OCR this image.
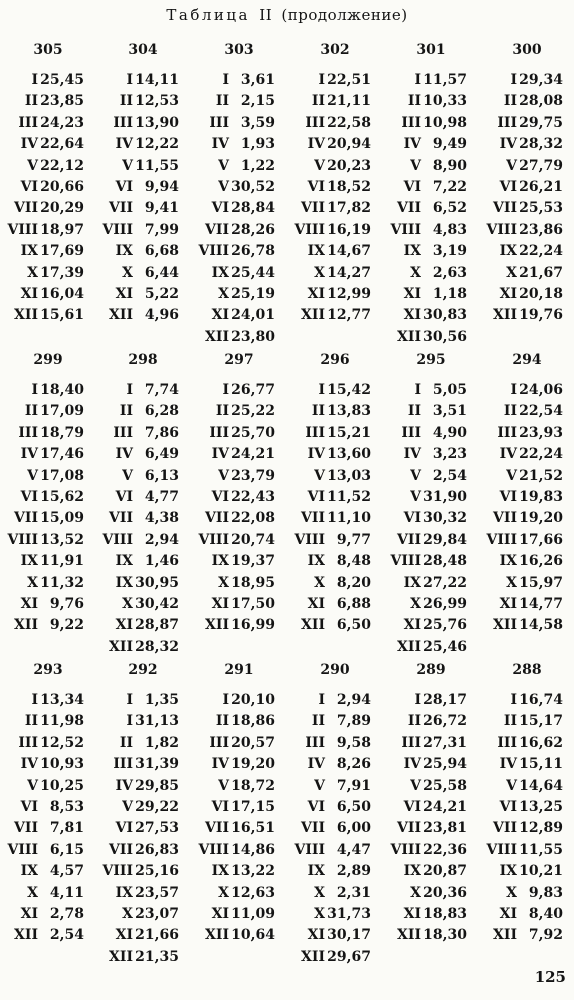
Таблица II (продолжение)
305
I 25,45
II 23,85
III 24,23
IV 22,64
V 22,12
VI 20,66
VII 20,29
VIII 18,97
IX 17,69
X 17,39
XI 16,04
XII 15,61
304
I 14,11
II 12,53
III 13,90
IV 12,22
V 11,55
VI 9,94
VII 9,41
VIII 7,99
IX 6,68
X 6,44
XI 5,22
XII 4,96
303
I 3,61
II 2,15
III 3,59
IV 1,93
V 1,22
V 30,52
VI 28,84
VII 28,26
VIII 26,78
IX 25,44
X 25,19
XI 24,01
XII 23,80
302
I 22,51
II 21,11
III 22,58
IV 20,94
V 20,23
VI 18,52
VII 17,82
VIII 16,19
IX 14,67
X 14,27
XI 12,99
XII 12,77
301
I 11,57
II 10,33
III 10,98
IV 9,49
V 8,90
VI 7,22
VII 6,52
VIII 4,83
IX 3,19
X 2,63
XI 1,18
XI 30,83
XII 30,56
300
I 29,34
II 28,08
III 29,75
IV 28,32
V 27,79
VI 26,21
VII 25,53
VIII 23,86
IX 22,24
X 21,67
XI 20,18
XII 19,76
299
I 18,40
II 17,09
III 18,79
IV 17,46
V 17,08
VI 15,62
VII 15,09
VIII 13,52
IX 11,91
X 11,32
XI 9,76
XII 9,22
298
I 7,74
II 6,28
III 7,86
IV 6,49
V 6,13
VI 4,77
VII 4,38
VIII 2,94
IX 1,46
IX 30,95
X 30,42
XI 28,87
XII 28,32
297
I 26,77
II 25,22
III 25,70
IV 24,21
V 23,79
VI 22,43
VII 22,08
VIII 20,74
IX 19,37
X 18,95
XI 17,50
XII 16,99
296
I 15,42
II 13,83
III 15,21
IV 13,60
V 13,03
VI 11,52
VII 11,10
VIII 9,77
IX 8,48
X 8,20
XI 6,88
XII 6,50
295
I 5,05
II 3,51
III 4,90
IV 3,23
V 2,54
V 31,90
VI 30,32
VII 29,84
VIII 28,48
IX 27,22
X 26,99
XI 25,76
XII 25,46
294
I 24,06
II 22,54
III 23,93
IV 22,24
V 21,52
VI 19,83
VII 19,20
VIII 17,66
IX 16,26
X 15,97
XI 14,77
XII 14,58
293
I 13,34
II 11,98
III 12,52
IV 10,93
V 10,25
VI 8,53
VII 7,81
VIII 6,15
IX 4,57
X 4,11
XI 2,78
XII 2,54
292
I 1,35
I 31,13
II 1,82
III 31,39
IV 29,85
V 29,22
VI 27,53
VII 26,83
VIII 25,16
IX 23,57
X 23,07
XI 21,66
XII 21,35
291
I 20,10
II 18,86
III 20,57
IV 19,20
V 18,72
VI 17,15
VII 16,51
VIII 14,86
IX 13,22
X 12,63
XI 11,09
XII 10,64
290
I 2,94
II 7,89
III 9,58
IV 8,26
V 7,91
VI 6,50
VII 6,00
VIII 4,47
IX 2,89
X 2,31
X 31,73
XI 30,17
XII 29,67
289
I 28,17
II 26,72
III 27,31
IV 25,94
V 25,58
VI 24,21
VII 23,81
VIII 22,36
IX 20,87
X 20,36
XI 18,83
XII 18,30
288
I 16,74
II 15,17
III 16,62
IV 15,11
V 14,64
VI 13,25
VII 12,89
VIII 11,55
IX 10,21
X 9,83
XI 8,40
XII 7,92
125
